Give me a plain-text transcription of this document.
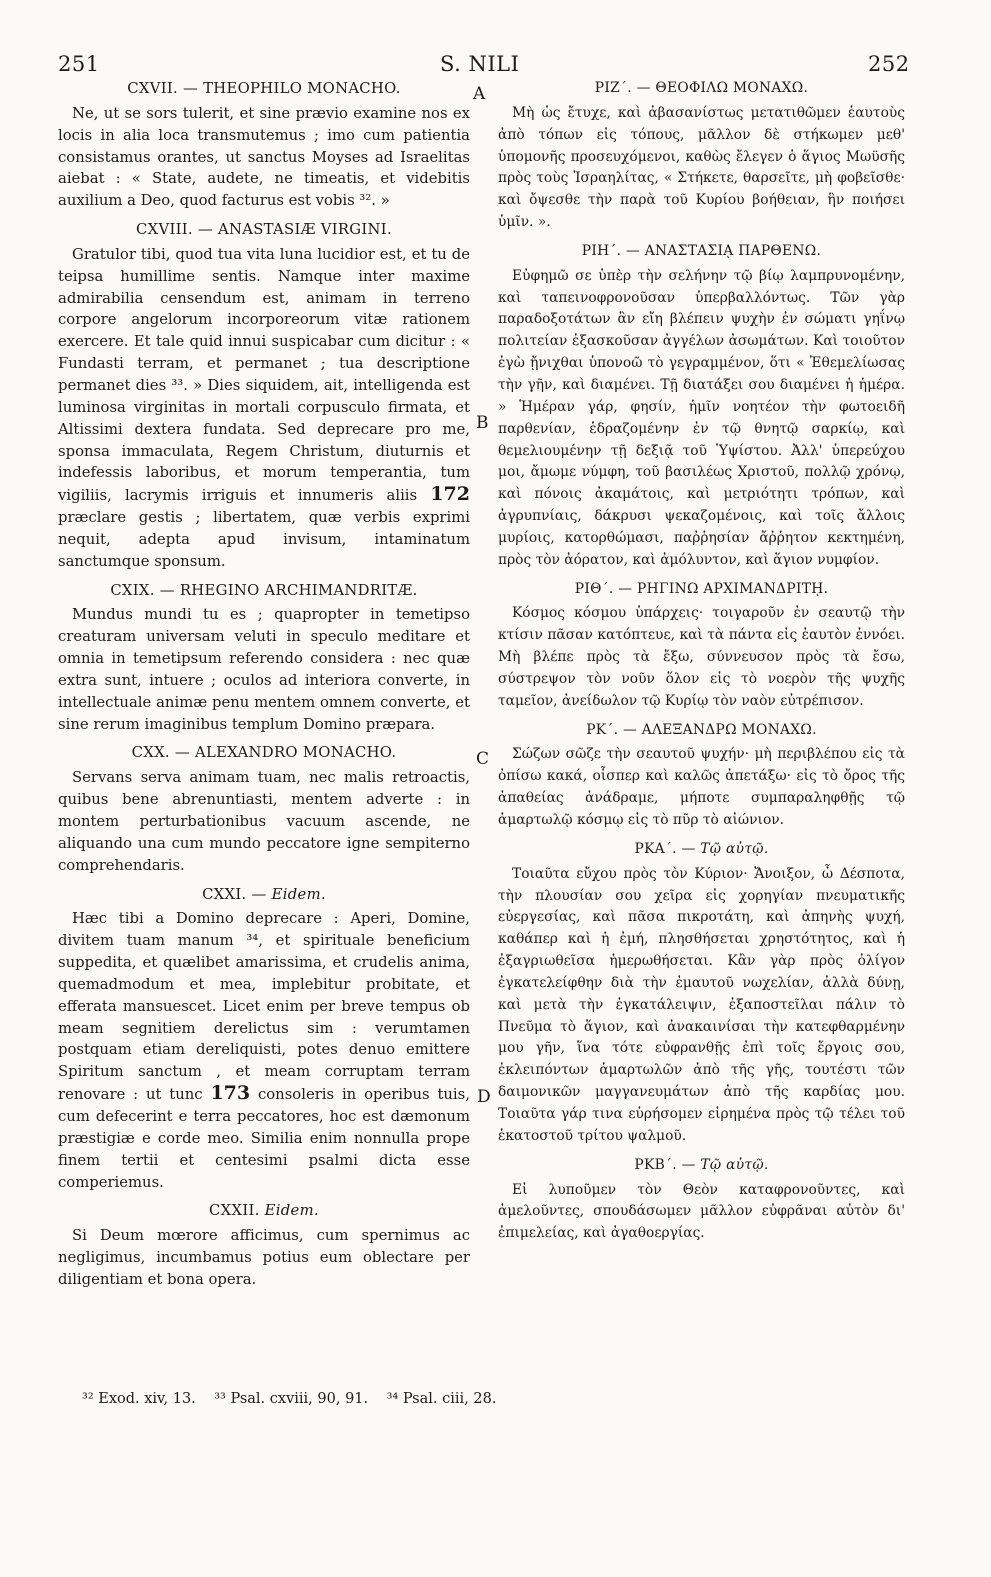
251	S. NILI	252
CXVII. — THEOPHILO MONACHO.

Ne, ut se sors tulerit, et sine prævio examine nos ex locis in alia loca transmutemus ; imo cum patientia consistamus orantes, ut sanctus Moyses ad Israelitas aiebat : « State, audete, ne timeatis, et videbitis auxilium a Deo, quod facturus est vobis ³². »

CXVIII. — ANASTASIÆ VIRGINI.

Gratulor tibi, quod tua vita luna lucidior est, et tu de teipsa humillime sentis. Namque inter maxime admirabilia censendum est, animam in terreno corpore angelorum incorporeorum vitæ rationem exercere. Et tale quid innui suspicabar cum dicitur : « Fundasti terram, et permanet ; tua descriptione permanet dies ³³. » Dies siquidem, ait, intelligenda est luminosa virginitas in mortali corpusculo firmata, et Altissimi dextera fundata. Sed deprecare pro me, sponsa immaculata, Regem Christum, diuturnis et indefessis laboribus, et morum temperantia, tum vigiliis, lacrymis irriguis et innumeris aliis 172 præclare gestis ; libertatem, quæ verbis exprimi nequit, adepta apud invisum, intaminatum sanctumque sponsum.

CXIX. — RHEGINO ARCHIMANDRITÆ.

Mundus mundi tu es ; quapropter in temetipso creaturam universam veluti in speculo meditare et omnia in temetipsum referendo considera : nec quæ extra sunt, intuere ; oculos ad interiora converte, in intellectuale animæ penu mentem omnem converte, et sine rerum imaginibus templum Domino præpara.

CXX. — ALEXANDRO MONACHO.

Servans serva animam tuam, nec malis retroactis, quibus bene abrenuntiasti, mentem adverte : in montem perturbationibus vacuum ascende, ne aliquando una cum mundo peccatore igne sempiterno comprehendaris.

CXXI. — Eidem.

Hæc tibi a Domino deprecare : Aperi, Domine, divitem tuam manum ³⁴, et spirituale beneficium suppedita, et quælibet amarissima, et crudelis anima, quemadmodum et mea, implebitur probitate, et efferata mansuescet. Licet enim per breve tempus ob meam segnitiem derelictus sim : verumtamen postquam etiam dereliquisti, potes denuo emittere Spiritum sanctum , et meam corruptam terram renovare : ut tunc 173 consoleris in operibus tuis, cum defecerint e terra peccatores, hoc est dæmonum præstigiæ e corde meo. Similia enim nonnulla prope finem tertii et centesimi psalmi dicta esse comperiemus.

CXXII. Eidem.

Si Deum mœrore afficimus, cum spernimus ac negligimus, incumbamus potius eum oblectare per diligentiam et bona opera.

ΡΙΖ΄. — ΘΕΟΦΙΛΩ ΜΟΝΑΧΩ.

Μὴ ὡς ἔτυχε, καὶ ἀβασανίστως μετατιθῶμεν ἑαυτοὺς ἀπὸ τόπων εἰς τόπους, μᾶλλον δὲ στήκωμεν μεθ' ὑπομονῆς προσευχόμενοι, καθὼς ἔλεγεν ὁ ἅγιος Μωϋσῆς πρὸς τοὺς Ἰσραηλίτας, « Στήκετε, θαρσεῖτε, μὴ φοβεῖσθε· καὶ ὄψεσθε τὴν παρὰ τοῦ Κυρίου βοήθειαν, ἣν ποιήσει ὑμῖν. ».

ΡΙΗ΄. — ΑΝΑΣΤΑΣΙᾼ ΠΑΡΘΕΝΩ.

Εὐφημῶ σε ὑπὲρ τὴν σελήνην τῷ βίῳ λαμπρυνομένην, καὶ ταπεινοφρονοῦσαν ὑπερβαλλόντως. Τῶν γὰρ παραδοξοτάτων ἂν εἴη βλέπειν ψυχὴν ἐν σώματι γηΐνῳ πολιτείαν ἐξασκοῦσαν ἀγγέλων ἀσωμάτων. Καὶ τοιοῦτον ἐγὼ ᾔνιχθαι ὑπονοῶ τὸ γεγραμμένον, ὅτι « Ἐθεμελίωσας τὴν γῆν, καὶ διαμένει. Τῇ διατάξει σου διαμένει ἡ ἡμέρα. » Ἡμέραν γάρ, φησίν, ἡμῖν νοητέον τὴν φωτοειδῆ παρθενίαν, ἑδραζομένην ἐν τῷ θνητῷ σαρκίῳ, καὶ θεμελιουμένην τῇ δεξιᾷ τοῦ Ὑψίστου. Ἀλλ' ὑπερεύχου μοι, ἄμωμε νύμφη, τοῦ βασιλέως Χριστοῦ, πολλῷ χρόνῳ, καὶ πόνοις ἀκαμάτοις, καὶ μετριότητι τρόπων, καὶ ἀγρυπνίαις, δάκρυσι ψεκαζομένοις, καὶ τοῖς ἄλλοις μυρίοις, κατορθώμασι, παῤῥησίαν ἄῤῥητον κεκτημένη, πρὸς τὸν ἀόρατον, καὶ ἀμόλυντον, καὶ ἅγιον νυμφίον.

ΡΙΘ΄. — ΡΗΓΙΝΩ ΑΡΧΙΜΑΝΔΡΙΤῌ.

Κόσμος κόσμου ὑπάρχεις· τοιγαροῦν ἐν σεαυτῷ τὴν κτίσιν πᾶσαν κατόπτευε, καὶ τὰ πάντα εἰς ἑαυτὸν ἐννόει. Μὴ βλέπε πρὸς τὰ ἔξω, σύννευσον πρὸς τὰ ἔσω, σύστρεψον τὸν νοῦν ὅλον εἰς τὸ νοερὸν τῆς ψυχῆς ταμεῖον, ἀνείδωλον τῷ Κυρίῳ τὸν ναὸν εὐτρέπισον.

ΡΚ΄. — ΑΛΕΞΑΝΔΡΩ ΜΟΝΑΧΩ.

Σώζων σῶζε τὴν σεαυτοῦ ψυχήν· μὴ περιβλέπου εἰς τὰ ὀπίσω κακά, οἷσπερ καὶ καλῶς ἀπετάξω· εἰς τὸ ὄρος τῆς ἀπαθείας ἀνάδραμε, μήποτε συμπαραληφθῇς τῷ ἁμαρτωλῷ κόσμῳ εἰς τὸ πῦρ τὸ αἰώνιον.

ΡΚΑ΄. — Τῷ αὐτῷ.

Τοιαῦτα εὔχου πρὸς τὸν Κύριον· Ἄνοιξον, ὦ Δέσποτα, τὴν πλουσίαν σου χεῖρα εἰς χορηγίαν πνευματικῆς εὐεργεσίας, καὶ πᾶσα πικροτάτη, καὶ ἀπηνὴς ψυχή, καθάπερ καὶ ἡ ἐμή, πλησθήσεται χρηστότητος, καὶ ἡ ἐξαγριωθεῖσα ἡμερωθήσεται. Κἂν γὰρ πρὸς ὀλίγον ἐγκατελείφθην διὰ τὴν ἐμαυτοῦ νωχελίαν, ἀλλὰ δύνῃ, καὶ μετὰ τὴν ἐγκατάλειψιν, ἐξαποστεῖλαι πάλιν τὸ Πνεῦμα τὸ ἅγιον, καὶ ἀνακαινίσαι τὴν κατεφθαρμένην μου γῆν, ἵνα τότε εὐφρανθῇς ἐπὶ τοῖς ἔργοις σου, ἐκλειπόντων ἁμαρτωλῶν ἀπὸ τῆς γῆς, τουτέστι τῶν δαιμονικῶν μαγγανευμάτων ἀπὸ τῆς καρδίας μου. Τοιαῦτα γάρ τινα εὑρήσομεν εἰρημένα πρὸς τῷ τέλει τοῦ ἑκατοστοῦ τρίτου ψαλμοῦ.

ΡΚΒ΄. — Τῷ αὐτῷ.

Εἰ λυποῦμεν τὸν Θεὸν καταφρονοῦντες, καὶ ἀμελοῦντες, σπουδάσωμεν μᾶλλον εὐφρᾶναι αὐτὸν δι' ἐπιμελείας, καὶ ἀγαθοεργίας.

A
B
C
D
³² Exod. xiv, 13. ³³ Psal. cxviii, 90, 91. ³⁴ Psal. ciii, 28.
